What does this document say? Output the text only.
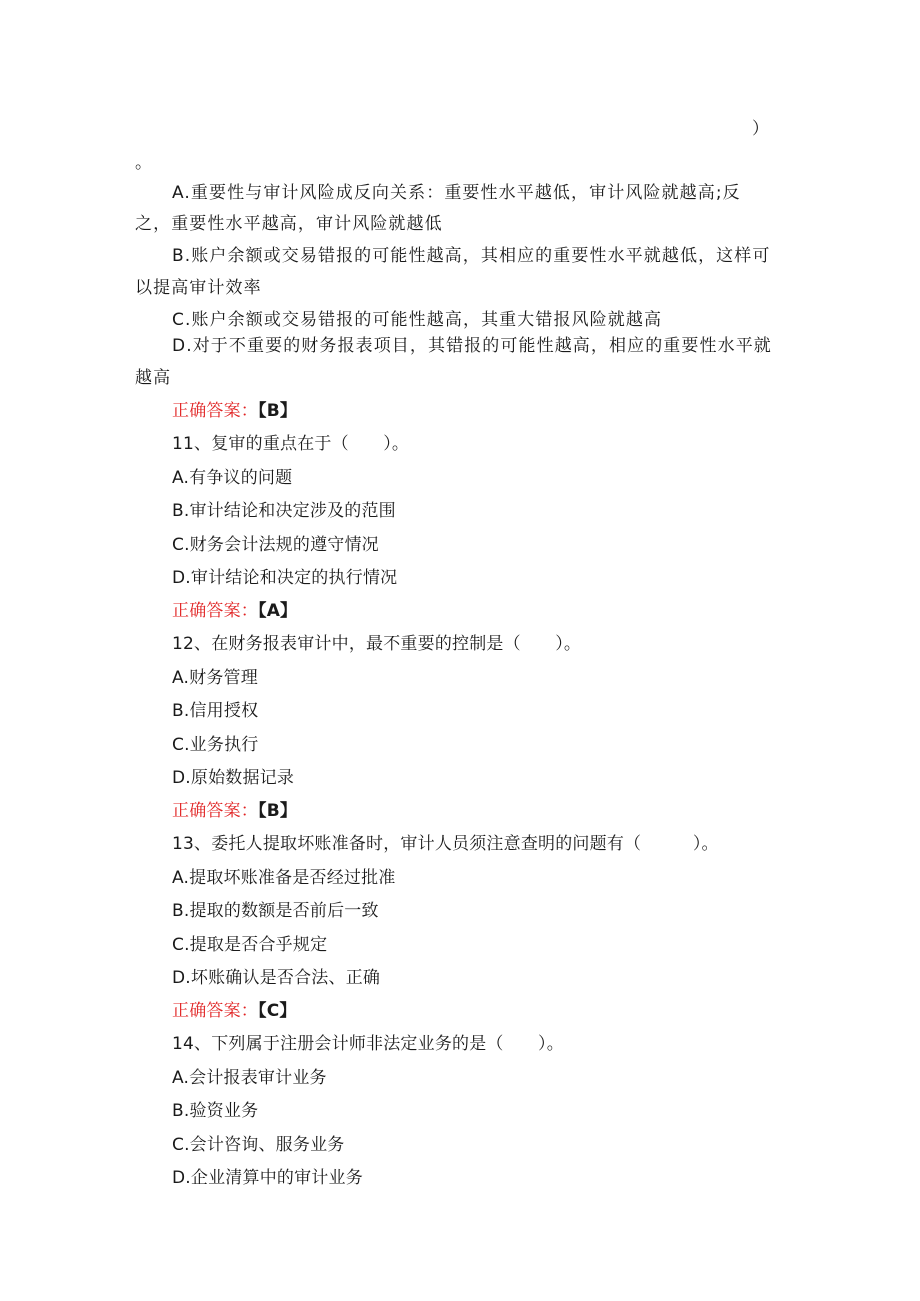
）
。
A.重要性与审计风险成反向关系：重要性水平越低，审计风险就越高;反
之，重要性水平越高，审计风险就越低
B.账户余额或交易错报的可能性越高，其相应的重要性水平就越低，这样可
以提高审计效率
C.账户余额或交易错报的可能性越高，其重大错报风险就越高
D.对于不重要的财务报表项目，其错报的可能性越高，相应的重要性水平就
越高
正确答案：【B】
11、复审的重点在于（　　）。
A.有争议的问题
B.审计结论和决定涉及的范围
C.财务会计法规的遵守情况
D.审计结论和决定的执行情况
正确答案：【A】
12、在财务报表审计中，最不重要的控制是（　　）。
A.财务管理
B.信用授权
C.业务执行
D.原始数据记录
正确答案：【B】
13、委托人提取坏账准备时，审计人员须注意查明的问题有（　　　）。
A.提取坏账准备是否经过批准
B.提取的数额是否前后一致
C.提取是否合乎规定
D.坏账确认是否合法、正确
正确答案：【C】
14、下列属于注册会计师非法定业务的是（　　）。
A.会计报表审计业务
B.验资业务
C.会计咨询、服务业务
D.企业清算中的审计业务
